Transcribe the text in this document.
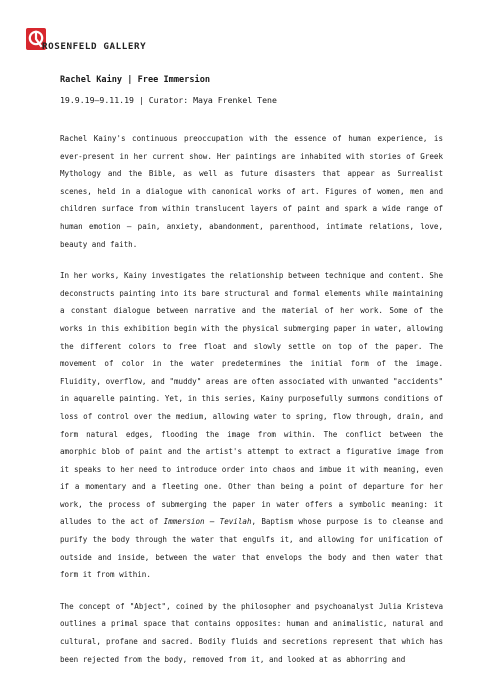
ROSENFELD GALLERY

Rachel Kainy | Free Immersion

19.9.19–9.11.19 | Curator: Maya Frenkel Tene

Rachel Kainy's continuous preoccupation with the essence of human experience, is ever-present in her current show. Her paintings are inhabited with stories of Greek Mythology and the Bible, as well as future disasters that appear as Surrealist scenes, held in a dialogue with canonical works of art. Figures of women, men and children surface from within translucent layers of paint and spark a wide range of human emotion – pain, anxiety, abandonment, parenthood, intimate relations, love, beauty and faith.

In her works, Kainy investigates the relationship between technique and content. She deconstructs painting into its bare structural and formal elements while maintaining a constant dialogue between narrative and the material of her work. Some of the works in this exhibition begin with the physical submerging paper in water, allowing the different colors to free float and slowly settle on top of the paper. The movement of color in the water predetermines the initial form of the image. Fluidity, overflow, and "muddy" areas are often associated with unwanted "accidents" in aquarelle painting. Yet, in this series, Kainy purposefully summons conditions of loss of control over the medium, allowing water to spring, flow through, drain, and form natural edges, flooding the image from within. The conflict between the amorphic blob of paint and the artist's attempt to extract a figurative image from it speaks to her need to introduce order into chaos and imbue it with meaning, even if a momentary and a fleeting one. Other than being a point of departure for her work, the process of submerging the paper in water offers a symbolic meaning: it alludes to the act of Immersion – Tevilah, Baptism whose purpose is to cleanse and purify the body through the water that engulfs it, and allowing for unification of outside and inside, between the water that envelops the body and then water that form it from within.

The concept of "Abject", coined by the philosopher and psychoanalyst Julia Kristeva outlines a primal space that contains opposites: human and animalistic, natural and cultural, profane and sacred. Bodily fluids and secretions represent that which has been rejected from the body, removed from it, and looked at as abhorring and
